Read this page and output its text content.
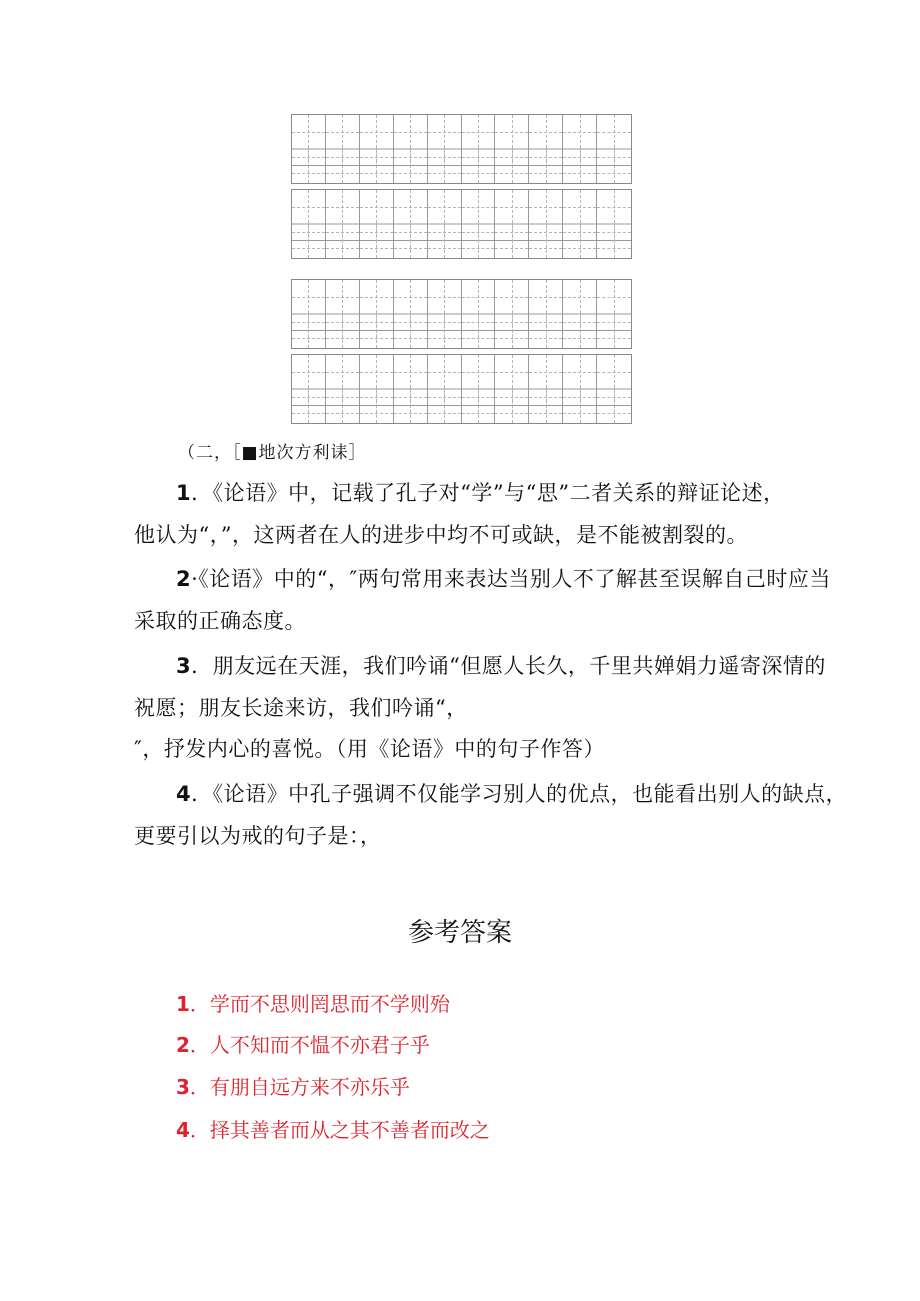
（二，［■地次方利诔］
1．《论语》中，记载了孔子对“学”与“思”二者关系的辩证论述，
他认为“，”，这两者在人的进步中均不可或缺，是不能被割裂的。
2·《论语》中的“，″两句常用来表达当别人不了解甚至误解自己时应当
采取的正确态度。
3．朋友远在天涯，我们吟诵“但愿人长久，千里共婵娟力遥寄深情的
祝愿；朋友长途来访，我们吟诵“，
″，抒发内心的喜悦。（用《论语》中的句子作答）
4．《论语》中孔子强调不仅能学习别人的优点，也能看出别人的缺点，
更要引以为戒的句子是：，
参考答案
1．学而不思则罔思而不学则殆
2．人不知而不愠不亦君子乎
3．有朋自远方来不亦乐乎
4．择其善者而从之其不善者而改之
